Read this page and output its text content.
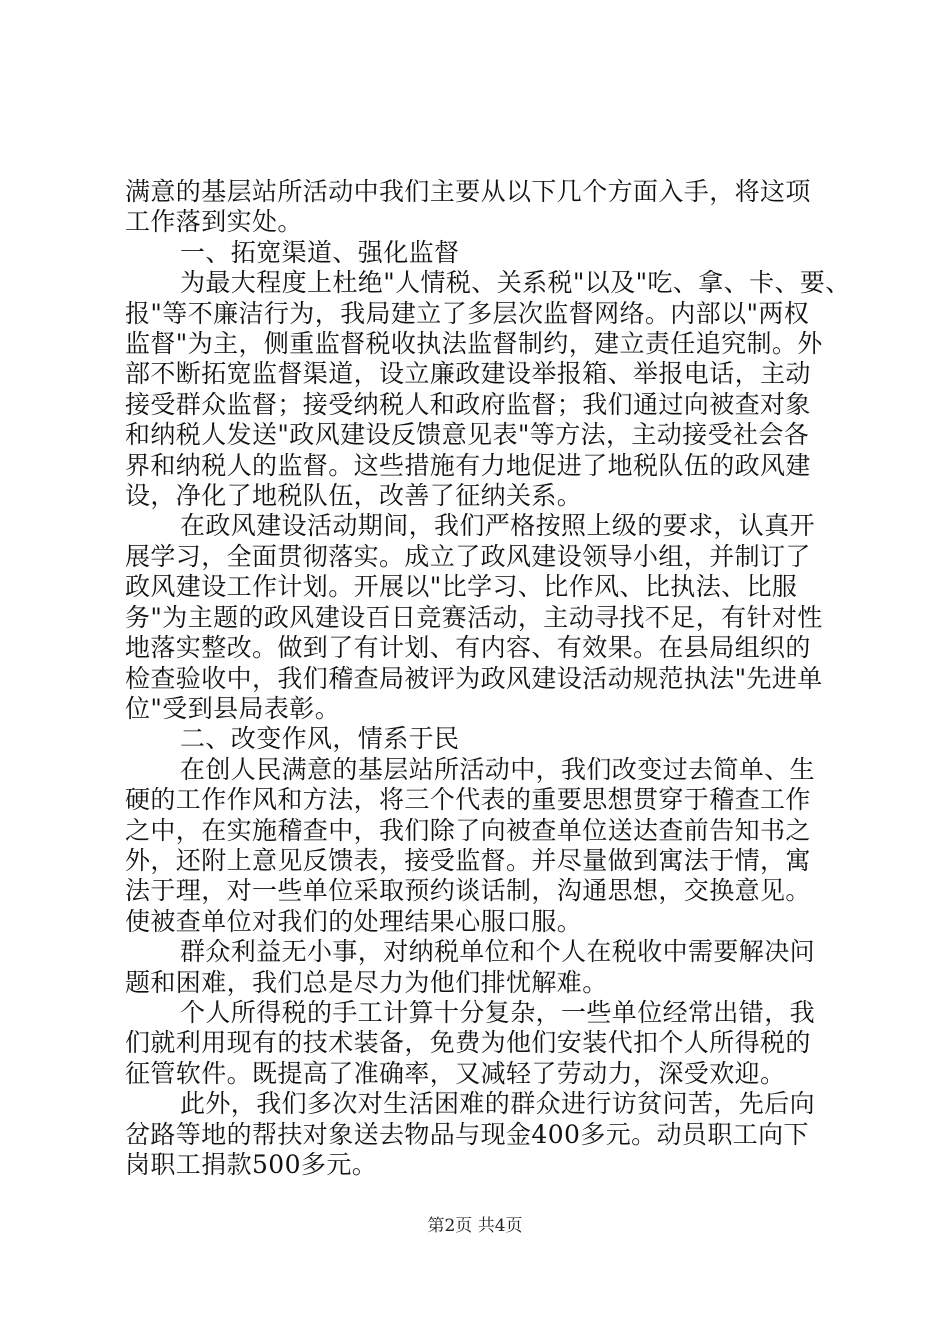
满意的基层站所活动中我们主要从以下几个方面入手，将这项
工作落到实处。
一、拓宽渠道、强化监督
为最大程度上杜绝"人情税、关系税"以及"吃、拿、卡、要、
报"等不廉洁行为，我局建立了多层次监督网络。内部以"两权
监督"为主，侧重监督税收执法监督制约，建立责任追究制。外
部不断拓宽监督渠道，设立廉政建设举报箱、举报电话，主动
接受群众监督；接受纳税人和政府监督；我们通过向被查对象
和纳税人发送"政风建设反馈意见表"等方法，主动接受社会各
界和纳税人的监督。这些措施有力地促进了地税队伍的政风建
设，净化了地税队伍，改善了征纳关系。
在政风建设活动期间，我们严格按照上级的要求，认真开
展学习，全面贯彻落实。成立了政风建设领导小组，并制订了
政风建设工作计划。开展以"比学习、比作风、比执法、比服
务"为主题的政风建设百日竞赛活动，主动寻找不足，有针对性
地落实整改。做到了有计划、有内容、有效果。在县局组织的
检查验收中，我们稽查局被评为政风建设活动规范执法"先进单
位"受到县局表彰。
二、改变作风，情系于民
在创人民满意的基层站所活动中，我们改变过去简单、生
硬的工作作风和方法，将三个代表的重要思想贯穿于稽查工作
之中，在实施稽查中，我们除了向被查单位送达查前告知书之
外，还附上意见反馈表，接受监督。并尽量做到寓法于情，寓
法于理，对一些单位采取预约谈话制，沟通思想，交换意见。
使被查单位对我们的处理结果心服口服。
群众利益无小事，对纳税单位和个人在税收中需要解决问
题和困难，我们总是尽力为他们排忧解难。
个人所得税的手工计算十分复杂，一些单位经常出错，我
们就利用现有的技术装备，免费为他们安装代扣个人所得税的
征管软件。既提高了准确率，又减轻了劳动力，深受欢迎。
此外，我们多次对生活困难的群众进行访贫问苦，先后向
岔路等地的帮扶对象送去物品与现金400多元。动员职工向下
岗职工捐款500多元。
第2页 共4页
